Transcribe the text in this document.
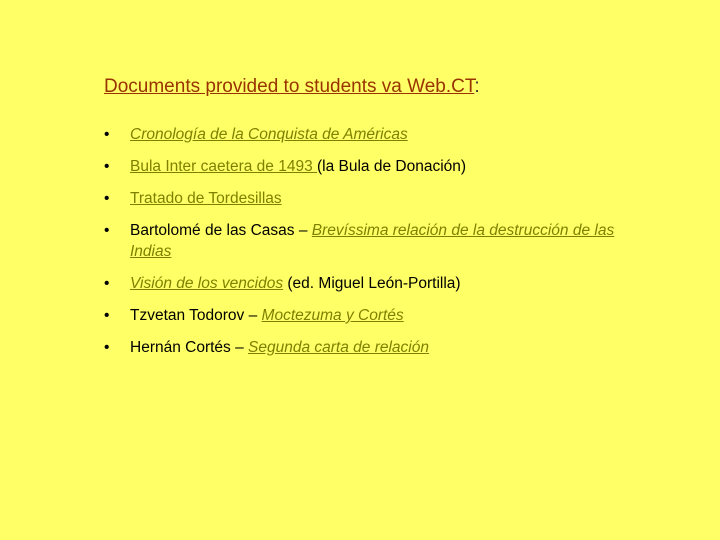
Documents provided to students va Web.CT:
• Cronología de la Conquista de Américas
• Bula Inter caetera de 1493 (la Bula de Donación)
• Tratado de Tordesillas
• Bartolomé de las Casas – Brevíssima relación de la destrucción de las Indias
• Visión de los vencidos (ed. Miguel León-Portilla)
• Tzvetan Todorov – Moctezuma y Cortés
• Hernán Cortés – Segunda carta de relación
